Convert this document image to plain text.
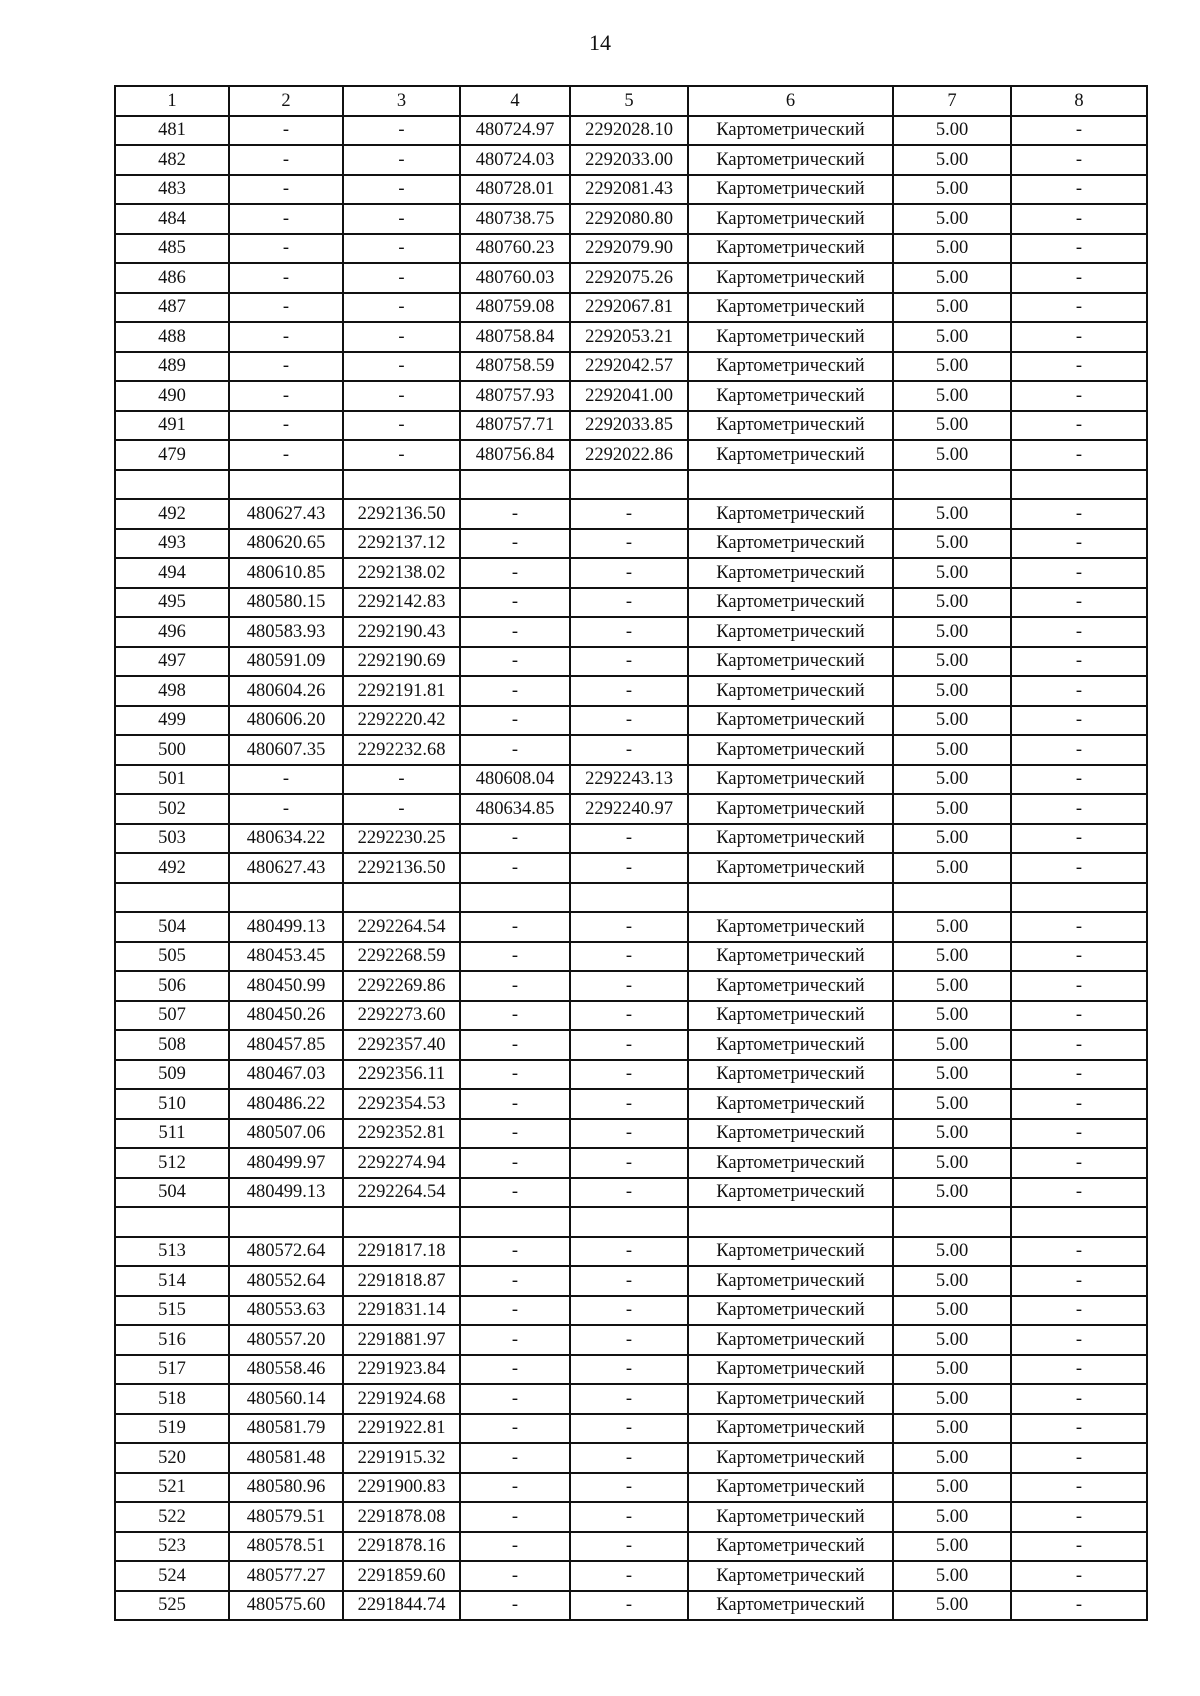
14
1	2	3	4	5	6	7	8
481	-	-	480724.97	2292028.10	Картометрический	5.00	-
482	-	-	480724.03	2292033.00	Картометрический	5.00	-
483	-	-	480728.01	2292081.43	Картометрический	5.00	-
484	-	-	480738.75	2292080.80	Картометрический	5.00	-
485	-	-	480760.23	2292079.90	Картометрический	5.00	-
486	-	-	480760.03	2292075.26	Картометрический	5.00	-
487	-	-	480759.08	2292067.81	Картометрический	5.00	-
488	-	-	480758.84	2292053.21	Картометрический	5.00	-
489	-	-	480758.59	2292042.57	Картометрический	5.00	-
490	-	-	480757.93	2292041.00	Картометрический	5.00	-
491	-	-	480757.71	2292033.85	Картометрический	5.00	-
479	-	-	480756.84	2292022.86	Картометрический	5.00	-

492	480627.43	2292136.50	-	-	Картометрический	5.00	-
493	480620.65	2292137.12	-	-	Картометрический	5.00	-
494	480610.85	2292138.02	-	-	Картометрический	5.00	-
495	480580.15	2292142.83	-	-	Картометрический	5.00	-
496	480583.93	2292190.43	-	-	Картометрический	5.00	-
497	480591.09	2292190.69	-	-	Картометрический	5.00	-
498	480604.26	2292191.81	-	-	Картометрический	5.00	-
499	480606.20	2292220.42	-	-	Картометрический	5.00	-
500	480607.35	2292232.68	-	-	Картометрический	5.00	-
501	-	-	480608.04	2292243.13	Картометрический	5.00	-
502	-	-	480634.85	2292240.97	Картометрический	5.00	-
503	480634.22	2292230.25	-	-	Картометрический	5.00	-
492	480627.43	2292136.50	-	-	Картометрический	5.00	-

504	480499.13	2292264.54	-	-	Картометрический	5.00	-
505	480453.45	2292268.59	-	-	Картометрический	5.00	-
506	480450.99	2292269.86	-	-	Картометрический	5.00	-
507	480450.26	2292273.60	-	-	Картометрический	5.00	-
508	480457.85	2292357.40	-	-	Картометрический	5.00	-
509	480467.03	2292356.11	-	-	Картометрический	5.00	-
510	480486.22	2292354.53	-	-	Картометрический	5.00	-
511	480507.06	2292352.81	-	-	Картометрический	5.00	-
512	480499.97	2292274.94	-	-	Картометрический	5.00	-
504	480499.13	2292264.54	-	-	Картометрический	5.00	-

513	480572.64	2291817.18	-	-	Картометрический	5.00	-
514	480552.64	2291818.87	-	-	Картометрический	5.00	-
515	480553.63	2291831.14	-	-	Картометрический	5.00	-
516	480557.20	2291881.97	-	-	Картометрический	5.00	-
517	480558.46	2291923.84	-	-	Картометрический	5.00	-
518	480560.14	2291924.68	-	-	Картометрический	5.00	-
519	480581.79	2291922.81	-	-	Картометрический	5.00	-
520	480581.48	2291915.32	-	-	Картометрический	5.00	-
521	480580.96	2291900.83	-	-	Картометрический	5.00	-
522	480579.51	2291878.08	-	-	Картометрический	5.00	-
523	480578.51	2291878.16	-	-	Картометрический	5.00	-
524	480577.27	2291859.60	-	-	Картометрический	5.00	-
525	480575.60	2291844.74	-	-	Картометрический	5.00	-
